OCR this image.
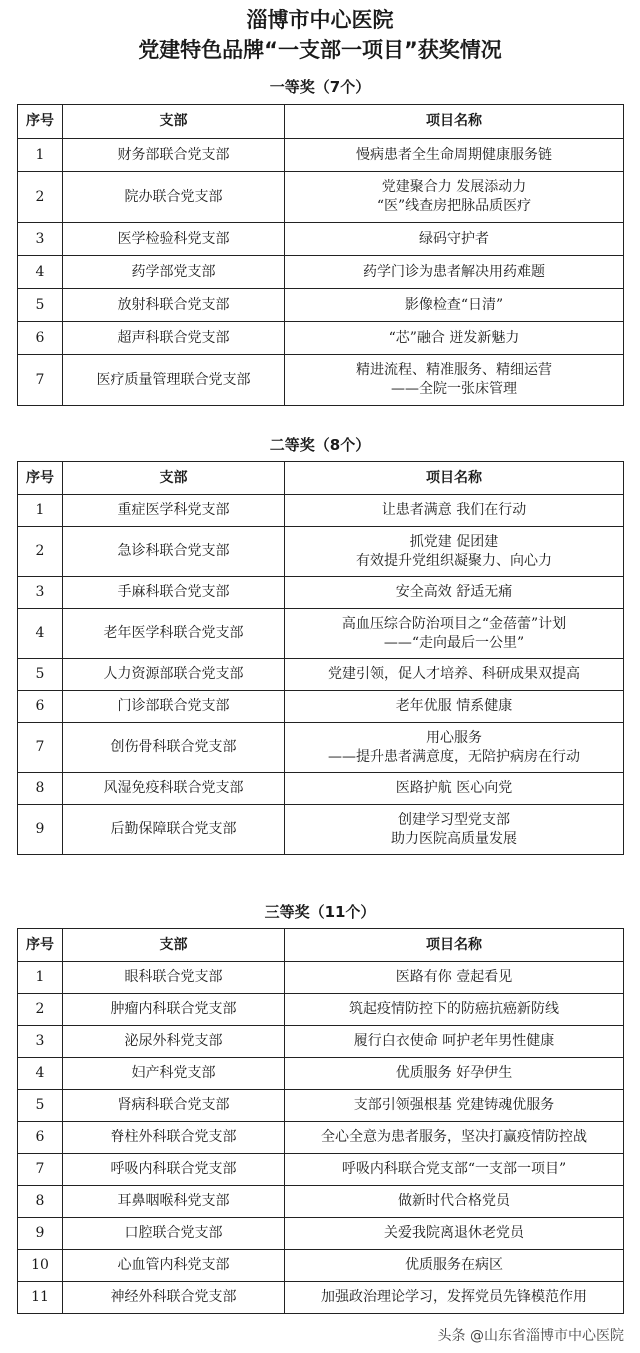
淄博市中心医院
党建特色品牌“一支部一项目”获奖情况
一等奖（7个）
序号	支部	项目名称
1	财务部联合党支部	慢病患者全生命周期健康服务链

2	院办联合党支部	党建聚合力 发展添动力
“医”线查房把脉品质医疗

3	医学检验科党支部	绿码守护者

4	药学部党支部	药学门诊为患者解决用药难题

5	放射科联合党支部	影像检查“日清”

6	超声科联合党支部	“芯”融合 迸发新魅力

7	医疗质量管理联合党支部	精进流程、精准服务、精细运营
——全院一张床管理
二等奖（8个）
序号	支部	项目名称
1	重症医学科党支部	让患者满意 我们在行动

2	急诊科联合党支部	抓党建 促团建
有效提升党组织凝聚力、向心力

3	手麻科联合党支部	安全高效 舒适无痛

4	老年医学科联合党支部	高血压综合防治项目之“金蓓蕾”计划
——“走向最后一公里”

5	人力资源部联合党支部	党建引领，促人才培养、科研成果双提高

6	门诊部联合党支部	老年优服 情系健康

7	创伤骨科联合党支部	用心服务
——提升患者满意度，无陪护病房在行动

8	风湿免疫科联合党支部	医路护航 医心向党

9	后勤保障联合党支部	创建学习型党支部
助力医院高质量发展
三等奖（11个）
序号	支部	项目名称
1	眼科联合党支部	医路有你 壹起看见

2	肿瘤内科联合党支部	筑起疫情防控下的防癌抗癌新防线

3	泌尿外科党支部	履行白衣使命 呵护老年男性健康

4	妇产科党支部	优质服务 好孕伊生

5	肾病科联合党支部	支部引领强根基 党建铸魂优服务

6	脊柱外科联合党支部	全心全意为患者服务，坚决打赢疫情防控战

7	呼吸内科联合党支部	呼吸内科联合党支部“一支部一项目”

8	耳鼻咽喉科党支部	做新时代合格党员

9	口腔联合党支部	关爱我院离退休老党员

10	心血管内科党支部	优质服务在病区

11	神经外科联合党支部	加强政治理论学习，发挥党员先锋模范作用
头条 @山东省淄博市中心医院
